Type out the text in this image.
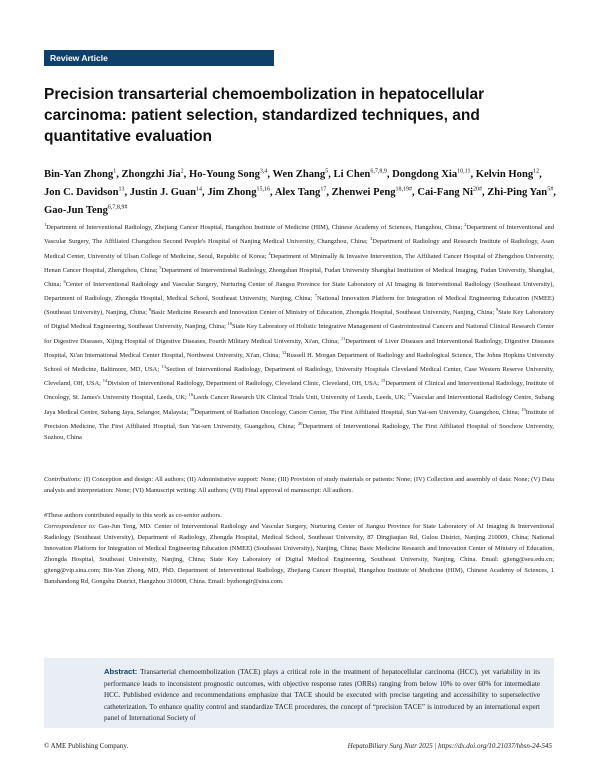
Review Article
Precision transarterial chemoembolization in hepatocellular carcinoma: patient selection, standardized techniques, and quantitative evaluation
Bin-Yan Zhong$^1$, Zhongzhi Jia$^2$, Ho-Young Song$^{3,4}$, Wen Zhang$^5$, Li Chen$^{6,7,8,9}$, Dongdong Xia$^{10,11}$, Kelvin Hong$^{12}$, Jon C. Davidson$^{13}$, Justin J. Guan$^{14}$, Jim Zhong$^{15,16}$, Alex Tang$^{17}$, Zhenwei Peng$^{18,19\#}$, Cai-Fang $Ni^{20\#}$, Zhi-Ping Yan$^{5\#}$, Gao-Jun Teng$^{6,7,8,9\#}$
$^1$Department of Interventional Radiology, Zhejiang Cancer Hospital, Hangzhou Institute of Medicine (HIM), Chinese Academy of Sciences, Hangzhou, China; $^2$Department of Interventional and Vascular Surgery, The Affiliated Changzhou Second People's Hospital of Nanjing Medical University, Changzhou, China; $^3$Department of Radiology and Research Institute of Radiology, Asan Medical Center, University of Ulsan College of Medicine, Seoul, Republic of Korea; $^4$Department of Minimally & Invasive Intervention, The Affiliated Cancer Hospital of Zhengzhou University, Henan Cancer Hospital, Zhengzhou, China; $^5$Department of Interventional Radiology, Zhongshan Hospital, Fudan University Shanghai Institution of Medical Imaging, Fudan University, Shanghai, China; $^6$Center of Interventional Radiology and Vascular Surgery, Nurturing Center of Jiangsu Province for State Laboratory of AI Imaging & Interventional Radiology (Southeast University), Department of Radiology, Zhongda Hospital, Medical School, Southeast University, Nanjing, China; $^7$National Innovation Platform for Integration of Medical Engineering Education (NMEE) (Southeast University), Nanjing, China; $^8$Basic Medicine Research and Innovation Center of Ministry of Education, Zhongda Hospital, Southeast University, Nanjing, China; $^9$State Key Laboratory of Digital Medical Engineering, Southeast University, Nanjing, China; $^{10}$State Key Laboratory of Holistic Integrative Management of Gastrointestinal Cancers and National Clinical Research Center for Digestive Diseases, Xijing Hospital of Digestive Diseases, Fourth Military Medical University, Xi'an, China; $^{11}$Department of Liver Diseases and Interventional Radiology, Digestive Diseases Hospital, Xi'an International Medical Center Hospital, Northwest University, Xi'an, China; $^{12}$Russell H. Morgan Department of Radiology and Radiological Science, The Johns Hopkins University School of Medicine, Baltimore, MD, USA; $^{13}$Section of Interventional Radiology, Department of Radiology, University Hospitals Cleveland Medical Center, Case Western Reserve University, Cleveland, OH, USA; $^{14}$Division of Interventional Radiology, Department of Radiology, Cleveland Clinic, Cleveland, OH, USA; $^{15}$Department of Clinical and Interventional Radiology, Institute of Oncology, St. James's University Hospital, Leeds, UK; $^{16}$Leeds Cancer Research UK Clinical Trials Unit, University of Leeds, Leeds, UK; $^{17}$Vascular and Interventional Radiology Centre, Subang Jaya Medical Centre, Subang Jaya, Selangor, Malaysia; $^{18}$Department of Radiation Oncology, Cancer Center, The First Affiliated Hospital, Sun Yat-sen University, Guangzhou, China; $^{19}$Institute of Precision Medicine, The First Affiliated Hospital, Sun Yat-sen University, Guangzhou, China; $^{20}$Department of Interventional Radiology, The First Affiliated Hospital of Soochow University, Suzhou, China
Contributions: (I) Conception and design: All authors; (II) Administrative support: None; (III) Provision of study materials or patients: None; (IV) Collection and assembly of data: None; (V) Data analysis and interpretation: None; (VI) Manuscript writing: All authors; (VII) Final approval of manuscript: All authors.
#These authors contributed equally to this work as co-senior authors.
Correspondence to: Gao-Jun Teng, MD. Center of Interventional Radiology and Vascular Surgery, Nurturing Center of Jiangsu Province for State Laboratory of AI Imaging & Interventional Radiology (Southeast University), Department of Radiology, Zhongda Hospital, Medical School, Southeast University, 87 Dingjiaqiao Rd, Gulou District, Nanjing 210009, China; National Innovation Platform for Integration of Medical Engineering Education (NMEE) (Southeast University), Nanjing, China; Basic Medicine Research and Innovation Center of Ministry of Education, Zhongda Hospital, Southeast University, Nanjing, China; State Key Laboratory of Digital Medical Engineering, Southeast University, Nanjing, China. Email: gjteng@seu.edu.cn; gjteng@vip.sina.com; Bin-Yan Zhong, MD, PhD. Department of Interventional Radiology, Zhejiang Cancer Hospital, Hangzhou Institute of Medicine (HIM), Chinese Academy of Sciences, 1 Banshandong Rd, Gongshu District, Hangzhou 310000, China. Email: byzhongir@sina.com.
Abstract: Transarterial chemoembolization (TACE) plays a critical role in the treatment of hepatocellular carcinoma (HCC), yet variability in its performance leads to inconsistent prognostic outcomes, with objective response rates (ORRs) ranging from below 10% to over 60% for intermediate HCC. Published evidence and recommendations emphasize that TACE should be executed with precise targeting and accessibility to superselective catheterization. To enhance quality control and standardize TACE procedures, the concept of “precision TACE” is introduced by an international expert panel of International Society of
© AME Publishing Company.	HepatoBiliary Surg Nutr 2025 | https://dx.doi.org/10.21037/hbsn-24-545
